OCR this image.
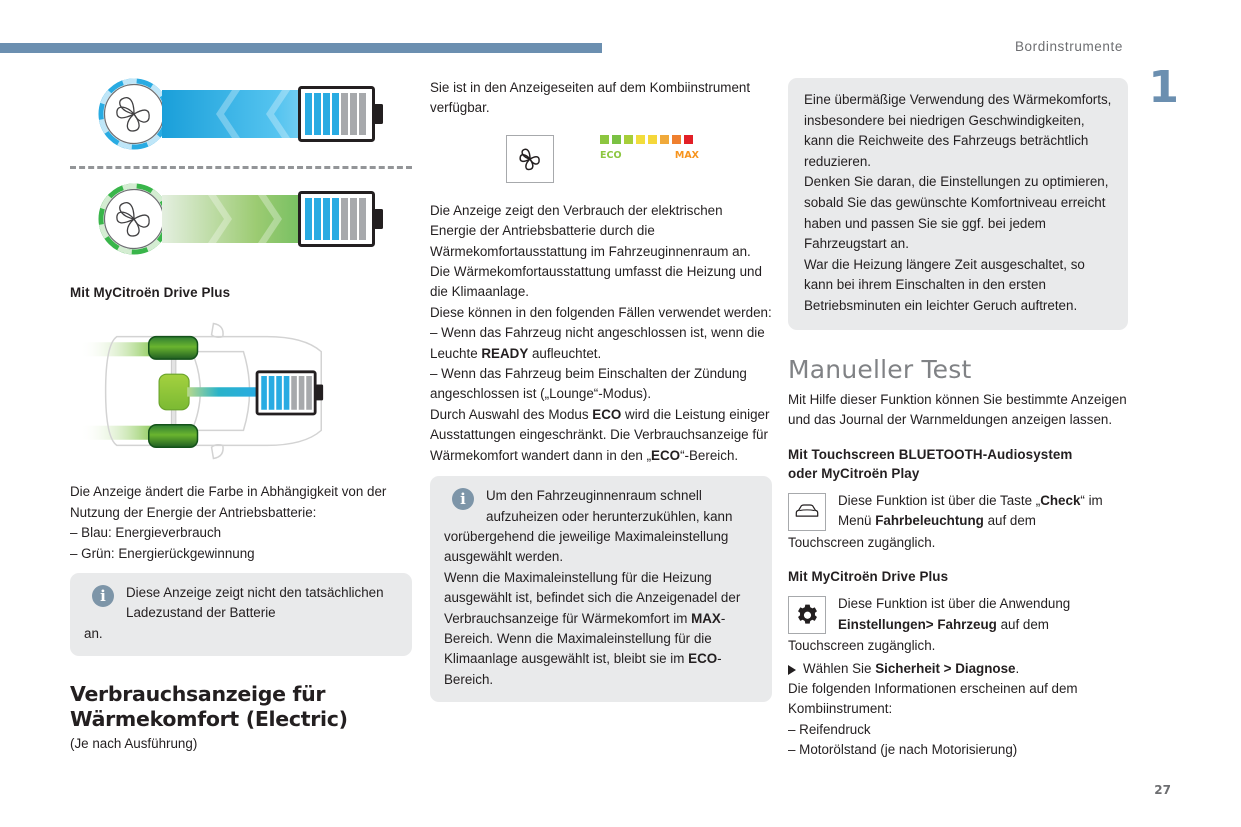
Bordinstrumente
1
27

Mit MyCitroën Drive Plus

Die Anzeige ändert die Farbe in Abhängigkeit von der Nutzung der Energie der Antriebsbatterie:

– Blau: Energieverbrauch

– Grün: Energierückgewinnung

i	Diese Anzeige zeigt nicht den tatsächlichen Ladezustand der Batterie
an.
Verbrauchsanzeige für
Wärmekomfort (Electric)

(Je nach Ausführung)

Sie ist in den Anzeigeseiten auf dem Kombiinstrument verfügbar.

ECO	MAX

Die Anzeige zeigt den Verbrauch der elektrischen Energie der Antriebsbatterie durch die Wärmekomfortausstattung im Fahrzeuginnenraum an.

Die Wärmekomfortausstattung umfasst die Heizung und die Klimaanlage.

Diese können in den folgenden Fällen verwendet werden:

– Wenn das Fahrzeug nicht angeschlossen ist, wenn die Leuchte READY aufleuchtet.

– Wenn das Fahrzeug beim Einschalten der Zündung angeschlossen ist („Lounge“-Modus).

Durch Auswahl des Modus ECO wird die Leistung einiger Ausstattungen eingeschränkt. Die Verbrauchsanzeige für Wärmekomfort wandert dann in den „ECO“-Bereich.

i	Um den Fahrzeuginnenraum schnell aufzuheizen oder herunterzukühlen, kann
vorübergehend die jeweilige Maximaleinstellung ausgewählt werden.
Wenn die Maximaleinstellung für die Heizung ausgewählt ist, befindet sich die Anzeigenadel der Verbrauchsanzeige für Wärmekomfort im MAX-Bereich. Wenn die Maximaleinstellung für die Klimaanlage ausgewählt ist, bleibt sie im ECO-Bereich.

Eine übermäßige Verwendung des Wärmekomforts, insbesondere bei niedrigen Geschwindigkeiten, kann die Reichweite des Fahrzeugs beträchtlich reduzieren.

Denken Sie daran, die Einstellungen zu optimieren, sobald Sie das gewünschte Komfortniveau erreicht haben und passen Sie sie ggf. bei jedem Fahrzeugstart an.

War die Heizung längere Zeit ausgeschaltet, so kann bei ihrem Einschalten in den ersten Betriebsminuten ein leichter Geruch auftreten.

Manueller Test

Mit Hilfe dieser Funktion können Sie bestimmte Anzeigen und das Journal der Warnmeldungen anzeigen lassen.

Mit Touchscreen BLUETOOTH-Audiosystem

oder MyCitroën Play

Diese Funktion ist über die Taste „Check“ im Menü Fahrbeleuchtung auf dem

Touchscreen zugänglich.

Mit MyCitroën Drive Plus

Diese Funktion ist über die Anwendung Einstellungen> Fahrzeug auf dem

Touchscreen zugänglich.

Wählen Sie Sicherheit > Diagnose.

Die folgenden Informationen erscheinen auf dem Kombiinstrument:

– Reifendruck

– Motorölstand (je nach Motorisierung)
